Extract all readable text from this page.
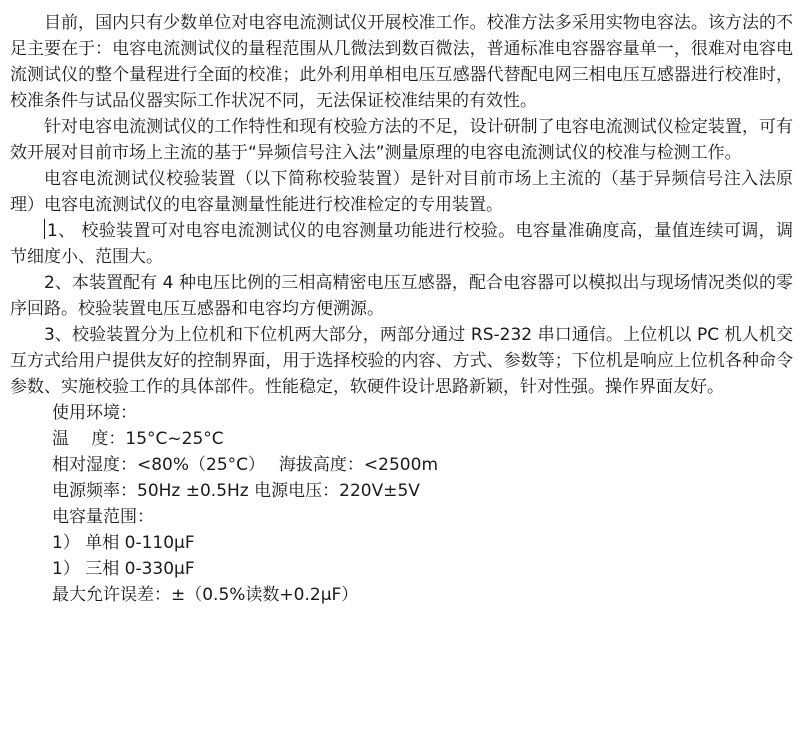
目前，国内只有少数单位对电容电流测试仪开展校准工作。校准方法多采用实物电容法。该方法的不足主要在于：电容电流测试仪的量程范围从几微法到数百微法，普通标准电容器容量单一，很难对电容电流测试仪的整个量程进行全面的校准；此外利用单相电压互感器代替配电网三相电压互感器进行校准时，校准条件与试品仪器实际工作状况不同，无法保证校准结果的有效性。

针对电容电流测试仪的工作特性和现有校验方法的不足，设计研制了电容电流测试仪检定装置，可有效开展对目前市场上主流的基于“异频信号注入法”测量原理的电容电流测试仪的校准与检测工作。

电容电流测试仪校验装置（以下简称校验装置）是针对目前市场上主流的（基于异频信号注入法原理）电容电流测试仪的电容量测量性能进行校准检定的专用装置。

1、 校验装置可对电容电流测试仪的电容测量功能进行校验。电容量准确度高，量值连续可调，调节细度小、范围大。

2、本装置配有 4 种电压比例的三相高精密电压互感器，配合电容器可以模拟出与现场情况类似的零序回路。校验装置电压互感器和电容均方便溯源。

3、校验装置分为上位机和下位机两大部分，两部分通过 RS-232 串口通信。上位机以 PC 机人机交互方式给用户提供友好的控制界面，用于选择校验的内容、方式、参数等；下位机是响应上位机各种命令参数、实施校验工作的具体部件。性能稳定，软硬件设计思路新颖，针对性强。操作界面友好。

使用环境：

温　 度：15°C~25°C

相对湿度：<80%（25°C）　 海拔高度：<2500m

电源频率：50Hz ±0.5Hz 电源电压：220V±5V

电容量范围：

1） 单相 0-110μF

1） 三相 0-330μF

最大允许误差：±（0.5%读数+0.2μF）
